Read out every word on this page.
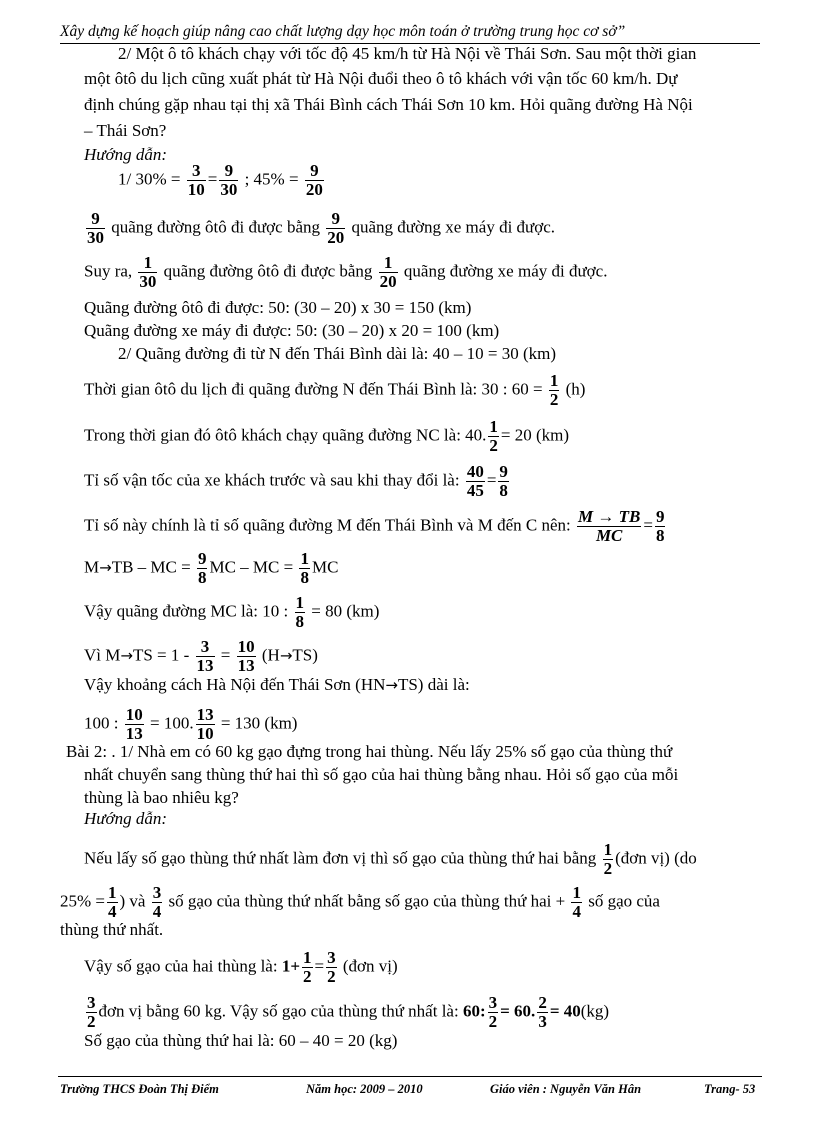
Xây dựng kế hoạch giúp nâng cao chất lượng dạy học môn toán ở trường trung học cơ sở”
2/ Một ô tô khách chạy với tốc độ 45 km/h từ Hà Nội về Thái Sơn. Sau một thời gian
một ôtô du lịch cũng xuất phát từ Hà Nội đuổi theo ô tô khách với vận tốc 60 km/h. Dự
định chúng gặp nhau tại thị xã Thái Bình cách Thái Sơn 10 km. Hỏi quãng đường Hà Nội
– Thái Sơn?
Hướng dẫn:
1/ $30\% = \frac{3}{10} = \frac{9}{30}$ ; $45\% = \frac{9}{20}$
$\frac{9}{30}$ quãng đường ôtô đi được bằng $\frac{9}{20}$ quãng đường xe máy đi được.
Suy ra, $\frac{1}{30}$ quãng đường ôtô đi được bằng $\frac{1}{20}$ quãng đường xe máy đi được.
Quãng đường ôtô đi được: 50: (30 – 20) x 30 = 150 (km)
Quãng đường xe máy đi được: 50: (30 – 20) x 20 = 100 (km)
2/ Quãng đường đi từ N đến Thái Bình dài là: 40 – 10 = 30 (km)
Thời gian ôtô du lịch đi quãng đường N đến Thái Bình là: 30 : $60 = \frac{1}{2} (h)$
Trong thời gian đó ôtô khách chạy quãng đường NC là: 40. $\frac{1}{2} = 20$ (km)
Tỉ số vận tốc của xe khách trước và sau khi thay đổi là: $\frac{40}{45} = \frac{9}{8}$
Tỉ số này chính là tỉ số quãng đường M đến Thái Bình và M đến C nên: $\frac{M \to TB}{MC} = \frac{9}{8}$
M→TB – MC = $\frac{9}{8}$ MC – MC = $\frac{1}{8}$ MC
Vậy quãng đường MC là: 10 : $\frac{1}{8} = 80$ (km)
Vì $M\to TS = 1 - \frac{3}{13} = \frac{10}{13} (H\to TS)$
Vậy khoảng cách Hà Nội đến Thái Sơn (HN→TS) dài là:
100 : $\frac{10}{13} = 100$. $\frac{13}{10} = 130$ (km)
Bài 2: . 1/ Nhà em có 60 kg gạo đựng trong hai thùng. Nếu lấy 25% số gạo của thùng thứ
nhất chuyển sang thùng thứ hai thì số gạo của hai thùng bằng nhau. Hỏi số gạo của mỗi
thùng là bao nhiêu kg?
Hướng dẫn:
Nếu lấy số gạo thùng thứ nhất làm đơn vị thì số gạo của thùng thứ hai bằng $\frac{1}{2}$ (đơn vị) (do
$25\% = \frac{1}{4}$ ) và $\frac{3}{4}$ số gạo của thùng thứ nhất bằng số gạo của thùng thứ hai + $\frac{1}{4}$ số gạo của
thùng thứ nhất.
Vậy số gạo của hai thùng là: $1+ \frac{1}{2} = \frac{3}{2}$ (đơn vị)
$\frac{3}{2}$ đơn vị bằng 60 kg. Vậy số gạo của thùng thứ nhất là: 60: $\frac{3}{2} = 60$. $\frac{2}{3} = 40(kg)$
Số gạo của thùng thứ hai là: 60 – 40 = 20 (kg)
Trường THCS Đoàn Thị Điểm	Năm học: 2009 – 2010	Giáo viên : Nguyễn Văn Hân	Trang- 53
